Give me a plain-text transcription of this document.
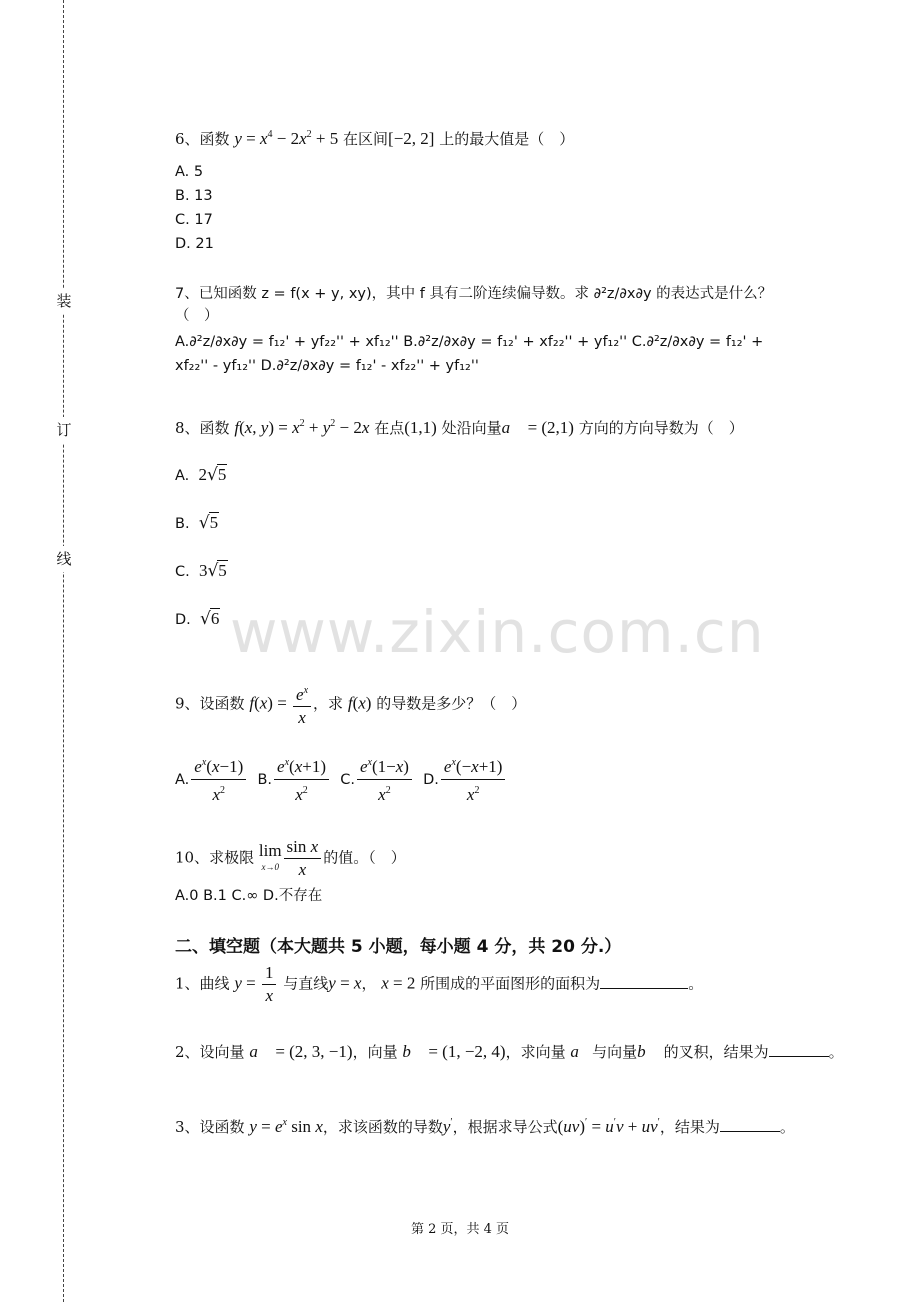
装
订
线
www.zixin.com.cn
6、函数 $y = x^4 - 2x^2 + 5$ 在区间[−2, 2] 上的最大值是（　）
A. 5
B. 13
C. 17
D. 21
7、已知函数 z = f(x + y, xy)，其中 f 具有二阶连续偏导数。求 ∂²z/∂x∂y 的表达式是什么？
（　）
A.∂²z/∂x∂y = f₁₂' + yf₂₂'' + xf₁₂'' B.∂²z/∂x∂y = f₁₂' + xf₂₂'' + yf₁₂'' C.∂²z/∂x∂y = f₁₂' +
xf₂₂'' - yf₁₂'' D.∂²z/∂x∂y = f₁₂' - xf₂₂'' + yf₁₂''
8、函数 f(x, $y) = x^2 + y^2 - 2x$ 在点(1,1) 处沿向量a⃗ = (2,1) 方向的方向导数为（　）
A. 2√5
B. √5
C. 3√5
D. √6
9、设函数 $f(x) = \frac{e^x}{x}$ ，求 f(x) 的导数是多少？（　）
A. $\frac{e^x(x-1)}{x^2} B$. $\frac{e^x(x+1)}{x^2} C$. $\frac{e^x(1-x)}{x^2} D$. $\frac{e^x(-x+1)}{x^2}$
10、求极限 lim
$x\to 0 \frac{\text{sin x}}{x}$ 的值。（　）
A.0 B.1 C.∞ D.不存在
二、填空题（本大题共 5 小题，每小题 4 分，共 20 分.）
1、曲线 $y = \frac{1}{x}$ 与直线y = x， x = 2 所围成的平面图形的面积为	。
2、设向量 a⃗ = (2, 3, −1)，向量 b⃗ = (1, −2, 4)，求向量 a⃗与向量b⃗ 的叉积，结果为	。
3、设函数 $y = e^x$ sin x，求该函数的导数y′，根据求导公式(uv)′ = u′v + uv′，结果为	。
第 2 页，共 4 页
